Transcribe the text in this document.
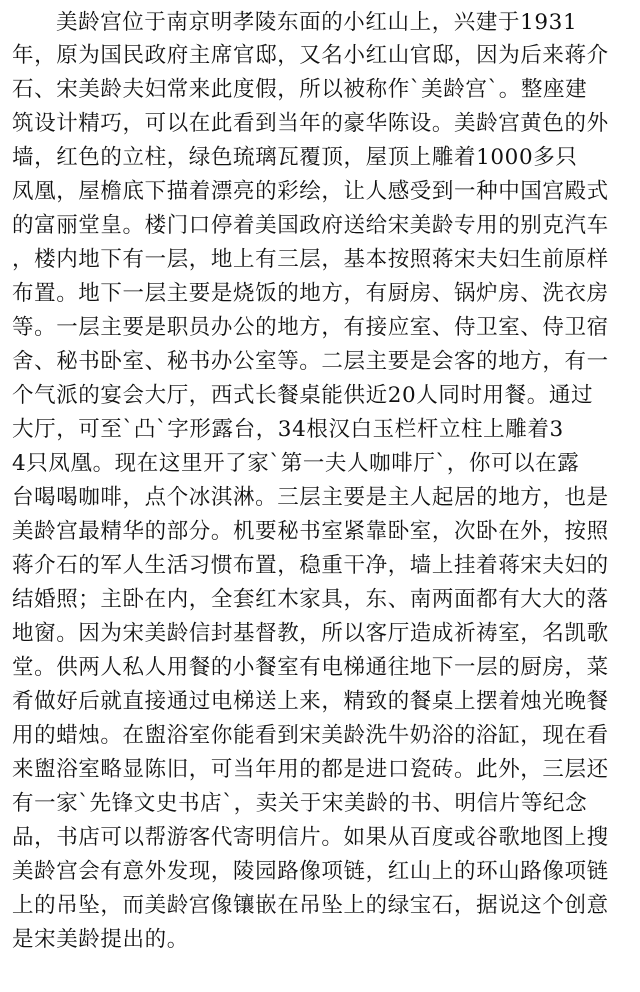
美龄宫位于南京明孝陵东面的小红山上，兴建于1931
年，原为国民政府主席官邸，又名小红山官邸，因为后来蒋介
石、宋美龄夫妇常来此度假，所以被称作`美龄宫`。整座建
筑设计精巧，可以在此看到当年的豪华陈设。美龄宫黄色的外
墙，红色的立柱，绿色琉璃瓦覆顶，屋顶上雕着1000多只
凤凰，屋檐底下描着漂亮的彩绘，让人感受到一种中国宫殿式
的富丽堂皇。楼门口停着美国政府送给宋美龄专用的别克汽车
，楼内地下有一层，地上有三层，基本按照蒋宋夫妇生前原样
布置。地下一层主要是烧饭的地方，有厨房、锅炉房、洗衣房
等。一层主要是职员办公的地方，有接应室、侍卫室、侍卫宿
舍、秘书卧室、秘书办公室等。二层主要是会客的地方，有一
个气派的宴会大厅，西式长餐桌能供近20人同时用餐。通过
大厅，可至`凸`字形露台，34根汉白玉栏杆立柱上雕着3
4只凤凰。现在这里开了家`第一夫人咖啡厅`，你可以在露
台喝喝咖啡，点个冰淇淋。三层主要是主人起居的地方，也是
美龄宫最精华的部分。机要秘书室紧靠卧室，次卧在外，按照
蒋介石的军人生活习惯布置，稳重干净，墙上挂着蒋宋夫妇的
结婚照；主卧在内，全套红木家具，东、南两面都有大大的落
地窗。因为宋美龄信封基督教，所以客厅造成祈祷室，名凯歌
堂。供两人私人用餐的小餐室有电梯通往地下一层的厨房，菜
肴做好后就直接通过电梯送上来，精致的餐桌上摆着烛光晚餐
用的蜡烛。在盥浴室你能看到宋美龄洗牛奶浴的浴缸，现在看
来盥浴室略显陈旧，可当年用的都是进口瓷砖。此外，三层还
有一家`先锋文史书店`，卖关于宋美龄的书、明信片等纪念
品，书店可以帮游客代寄明信片。如果从百度或谷歌地图上搜
美龄宫会有意外发现，陵园路像项链，红山上的环山路像项链
上的吊坠，而美龄宫像镶嵌在吊坠上的绿宝石，据说这个创意
是宋美龄提出的。
